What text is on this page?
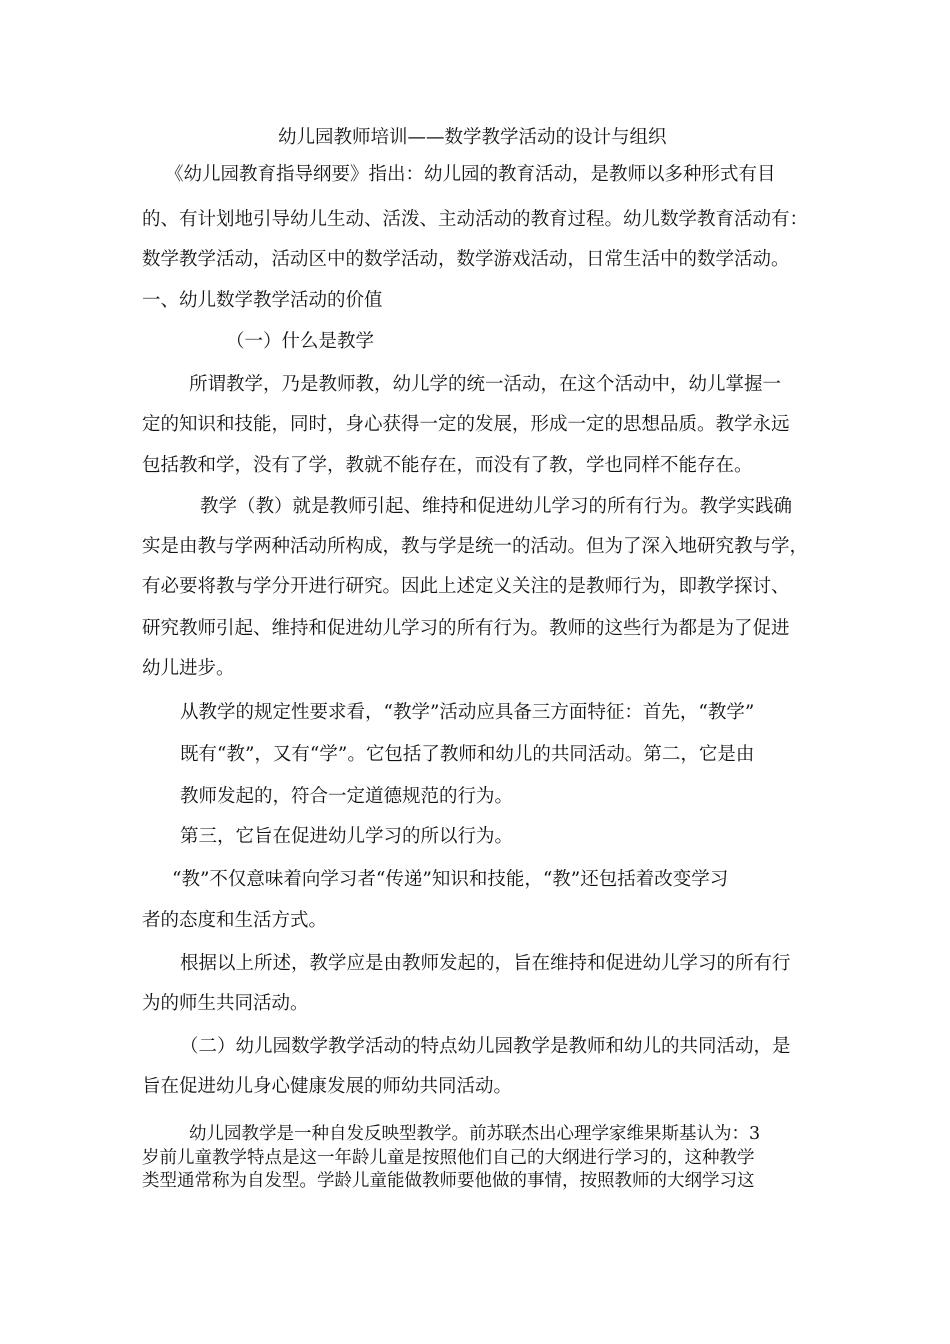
幼儿园教师培训——数学教学活动的设计与组织
《幼儿园教育指导纲要》指出：幼儿园的教育活动，是教师以多种形式有目
的、有计划地引导幼儿生动、活泼、主动活动的教育过程。幼儿数学教育活动有：
数学教学活动，活动区中的数学活动，数学游戏活动，日常生活中的数学活动。
一、幼儿数学教学活动的价值
（一）什么是教学
所谓教学，乃是教师教，幼儿学的统一活动，在这个活动中，幼儿掌握一
定的知识和技能，同时，身心获得一定的发展，形成一定的思想品质。教学永远
包括教和学，没有了学，教就不能存在，而没有了教，学也同样不能存在。
教学（教）就是教师引起、维持和促进幼儿学习的所有行为。教学实践确
实是由教与学两种活动所构成，教与学是统一的活动。但为了深入地研究教与学，
有必要将教与学分开进行研究。因此上述定义关注的是教师行为，即教学探讨、
研究教师引起、维持和促进幼儿学习的所有行为。教师的这些行为都是为了促进
幼儿进步。
从教学的规定性要求看，“教学”活动应具备三方面特征：首先，“教学”
既有“教”，又有“学”。它包括了教师和幼儿的共同活动。第二，它是由
教师发起的，符合一定道德规范的行为。
第三，它旨在促进幼儿学习的所以行为。
“教”不仅意味着向学习者“传递”知识和技能，“教”还包括着改变学习
者的态度和生活方式。
根据以上所述，教学应是由教师发起的，旨在维持和促进幼儿学习的所有行
为的师生共同活动。
（二）幼儿园数学教学活动的特点幼儿园教学是教师和幼儿的共同活动，是
旨在促进幼儿身心健康发展的师幼共同活动。
幼儿园教学是一种自发反映型教学。前苏联杰出心理学家维果斯基认为：3
岁前儿童教学特点是这一年龄儿童是按照他们自己的大纲进行学习的，这种教学
类型通常称为自发型。学龄儿童能做教师要他做的事情，按照教师的大纲学习这
